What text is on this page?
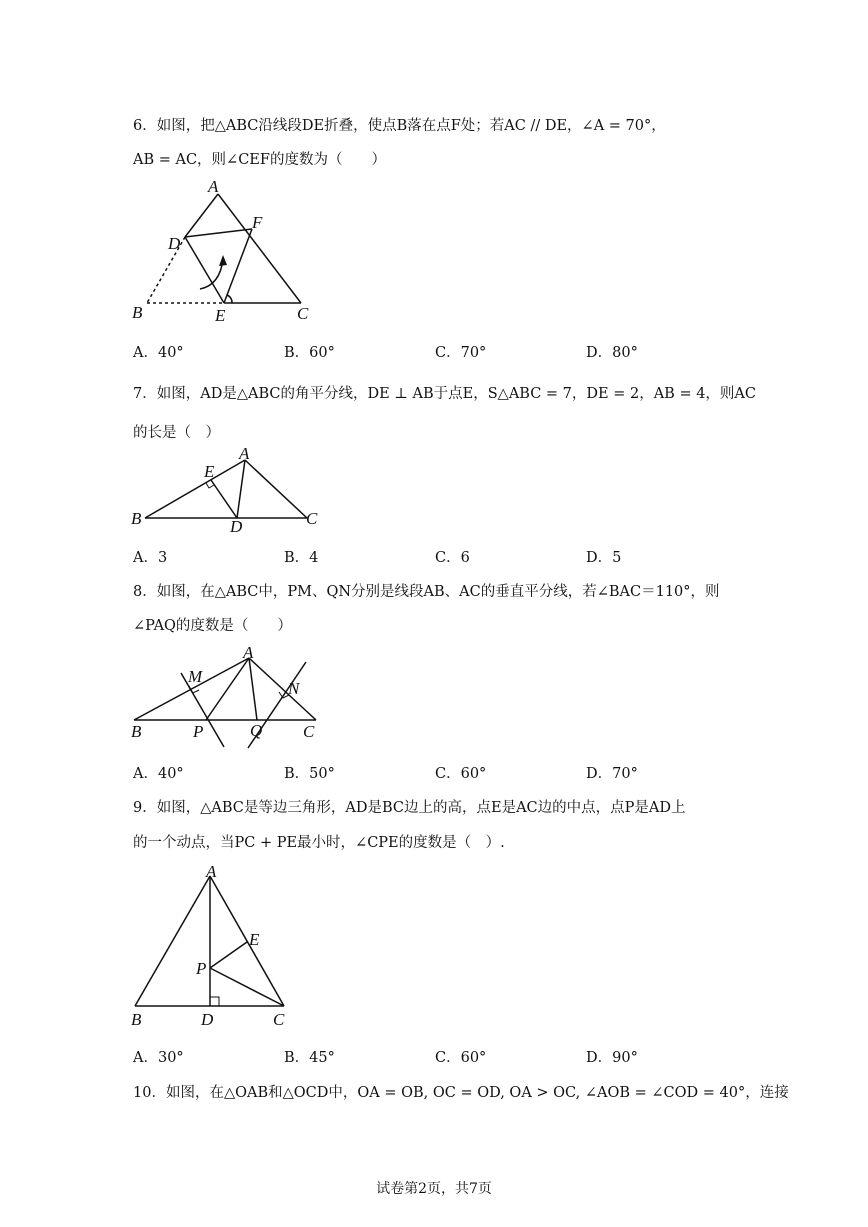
6．如图，把△ABC沿线段DE折叠，使点B落在点F处；若AC // DE，∠A = 70°，
AB = AC，则∠CEF的度数为（　　）
A
D
F
B	E	C
A．40°	B．60°	C．70°	D．80°
7．如图，AD是△ABC的角平分线，DE ⊥ AB于点E，S△ABC = 7，DE = 2，AB = 4，则AC
的长是（　）
A
E
B	D	C
A．3	B．4	C．6	D．5
8．如图，在△ABC中，PM、QN分别是线段AB、AC的垂直平分线，若∠BAC＝110°，则
∠PAQ的度数是（　　）
A
M
N
B	P	Q C
A．40°	B．50°	C．60°	D．70°
9．如图，△ABC是等边三角形，AD是BC边上的高，点E是AC边的中点，点P是AD上
的一个动点，当PC + PE最小时，∠CPE的度数是（　）.
A
E
P
B	D	C
A．30°	B．45°	C．60°	D．90°
10．如图，在△OAB和△OCD中，OA = OB, OC = OD, OA > OC, ∠AOB = ∠COD = 40°，连接
试卷第2页，共7页
